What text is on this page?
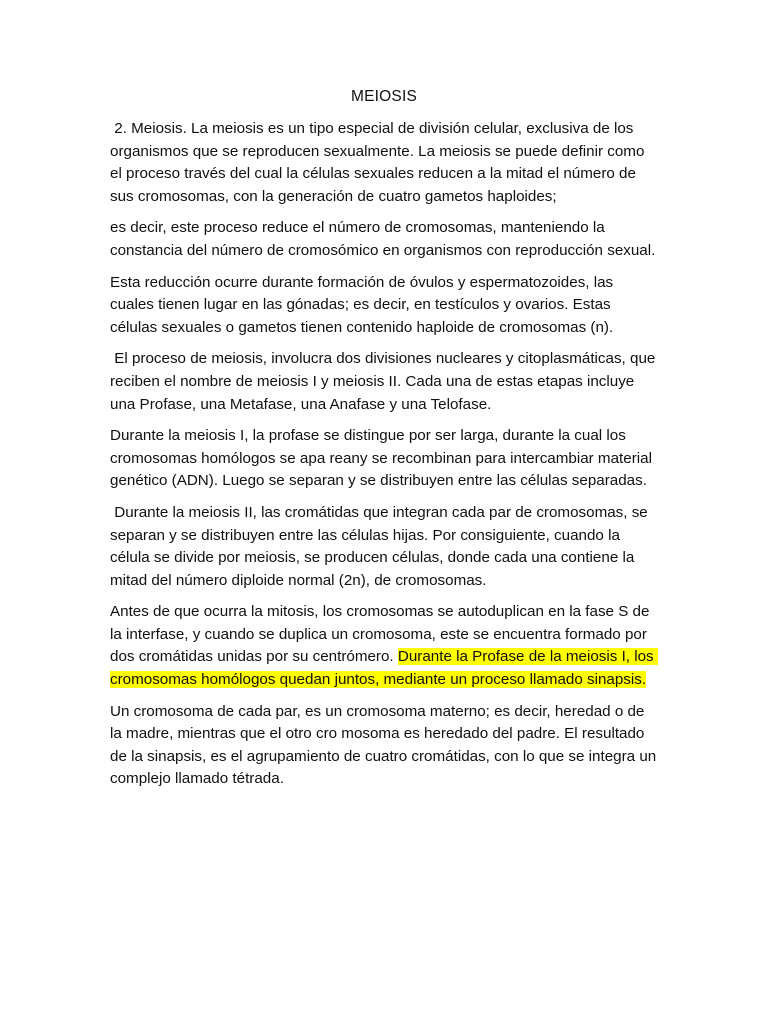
MEIOSIS

2. Meiosis. La meiosis es un tipo especial de división celular, exclusiva de los organismos que se reproducen sexualmente. La meiosis se puede definir como el proceso través del cual la células sexuales reducen a la mitad el número de sus cromosomas, con la generación de cuatro gametos haploides;

es decir, este proceso reduce el número de cromosomas, manteniendo la constancia del número de cromosómico en organismos con reproducción sexual.

Esta reducción ocurre durante formación de óvulos y espermatozoides, las cuales tienen lugar en las gónadas; es decir, en testículos y ovarios. Estas células sexuales o gametos tienen contenido haploide de cromosomas (n).

El proceso de meiosis, involucra dos divisiones nucleares y citoplasmáticas, que reciben el nombre de meiosis I y meiosis II. Cada una de estas etapas incluye una Profase, una Metafase, una Anafase y una Telofase.

Durante la meiosis I, la profase se distingue por ser larga, durante la cual los cromosomas homólogos se apa reany se recombinan para intercambiar material genético (ADN). Luego se separan y se distribuyen entre las células separadas.

Durante la meiosis II, las cromátidas que integran cada par de cromosomas, se separan y se distribuyen entre las células hijas. Por consiguiente, cuando la célula se divide por meiosis, se producen células, donde cada una contiene la mitad del número diploide normal (2n), de cromosomas.

Antes de que ocurra la mitosis, los cromosomas se autoduplican en la fase S de la interfase, y cuando se duplica un cromosoma, este se encuentra formado por dos cromátidas unidas por su centrómero. Durante la Profase de la meiosis I, los cromosomas homólogos quedan juntos, mediante un proceso llamado sinapsis.

Un cromosoma de cada par, es un cromosoma materno; es decir, heredad o de la madre, mientras que el otro cro mosoma es heredado del padre. El resultado de la sinapsis, es el agrupamiento de cuatro cromátidas, con lo que se integra un complejo llamado tétrada.
